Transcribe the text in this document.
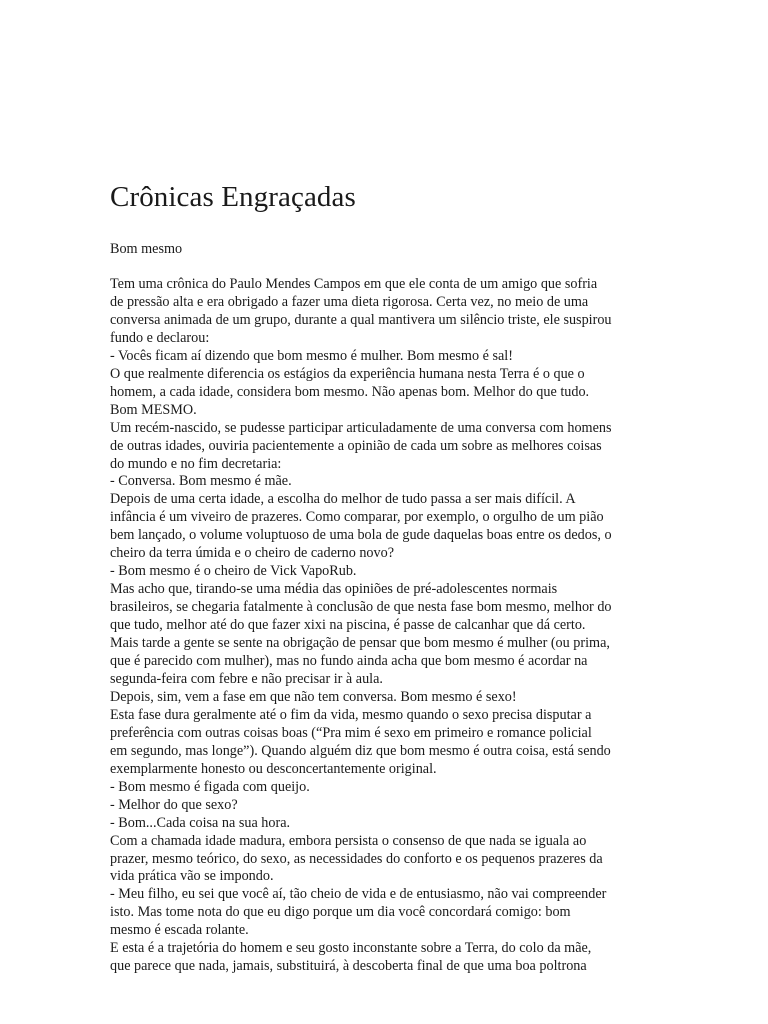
Crônicas Engraçadas
Bom mesmo
Tem uma crônica do Paulo Mendes Campos em que ele conta de um amigo que sofria
de pressão alta e era obrigado a fazer uma dieta rigorosa. Certa vez, no meio de uma
conversa animada de um grupo, durante a qual mantivera um silêncio triste, ele suspirou
fundo e declarou:
- Vocês ficam aí dizendo que bom mesmo é mulher. Bom mesmo é sal!
O que realmente diferencia os estágios da experiência humana nesta Terra é o que o
homem, a cada idade, considera bom mesmo. Não apenas bom. Melhor do que tudo.
Bom MESMO.
Um recém-nascido, se pudesse participar articuladamente de uma conversa com homens
de outras idades, ouviria pacientemente a opinião de cada um sobre as melhores coisas
do mundo e no fim decretaria:
- Conversa. Bom mesmo é mãe.
Depois de uma certa idade, a escolha do melhor de tudo passa a ser mais difícil. A
infância é um viveiro de prazeres. Como comparar, por exemplo, o orgulho de um pião
bem lançado, o volume voluptuoso de uma bola de gude daquelas boas entre os dedos, o
cheiro da terra úmida e o cheiro de caderno novo?
- Bom mesmo é o cheiro de Vick VapoRub.
Mas acho que, tirando-se uma média das opiniões de pré-adolescentes normais
brasileiros, se chegaria fatalmente à conclusão de que nesta fase bom mesmo, melhor do
que tudo, melhor até do que fazer xixi na piscina, é passe de calcanhar que dá certo.
Mais tarde a gente se sente na obrigação de pensar que bom mesmo é mulher (ou prima,
que é parecido com mulher), mas no fundo ainda acha que bom mesmo é acordar na
segunda-feira com febre e não precisar ir à aula.
Depois, sim, vem a fase em que não tem conversa. Bom mesmo é sexo!
Esta fase dura geralmente até o fim da vida, mesmo quando o sexo precisa disputar a
preferência com outras coisas boas (“Pra mim é sexo em primeiro e romance policial
em segundo, mas longe”). Quando alguém diz que bom mesmo é outra coisa, está sendo
exemplarmente honesto ou desconcertantemente original.
- Bom mesmo é figada com queijo.
- Melhor do que sexo?
- Bom...Cada coisa na sua hora.
Com a chamada idade madura, embora persista o consenso de que nada se iguala ao
prazer, mesmo teórico, do sexo, as necessidades do conforto e os pequenos prazeres da
vida prática vão se impondo.
- Meu filho, eu sei que você aí, tão cheio de vida e de entusiasmo, não vai compreender
isto. Mas tome nota do que eu digo porque um dia você concordará comigo: bom
mesmo é escada rolante.
E esta é a trajetória do homem e seu gosto inconstante sobre a Terra, do colo da mãe,
que parece que nada, jamais, substituirá, à descoberta final de que uma boa poltrona
